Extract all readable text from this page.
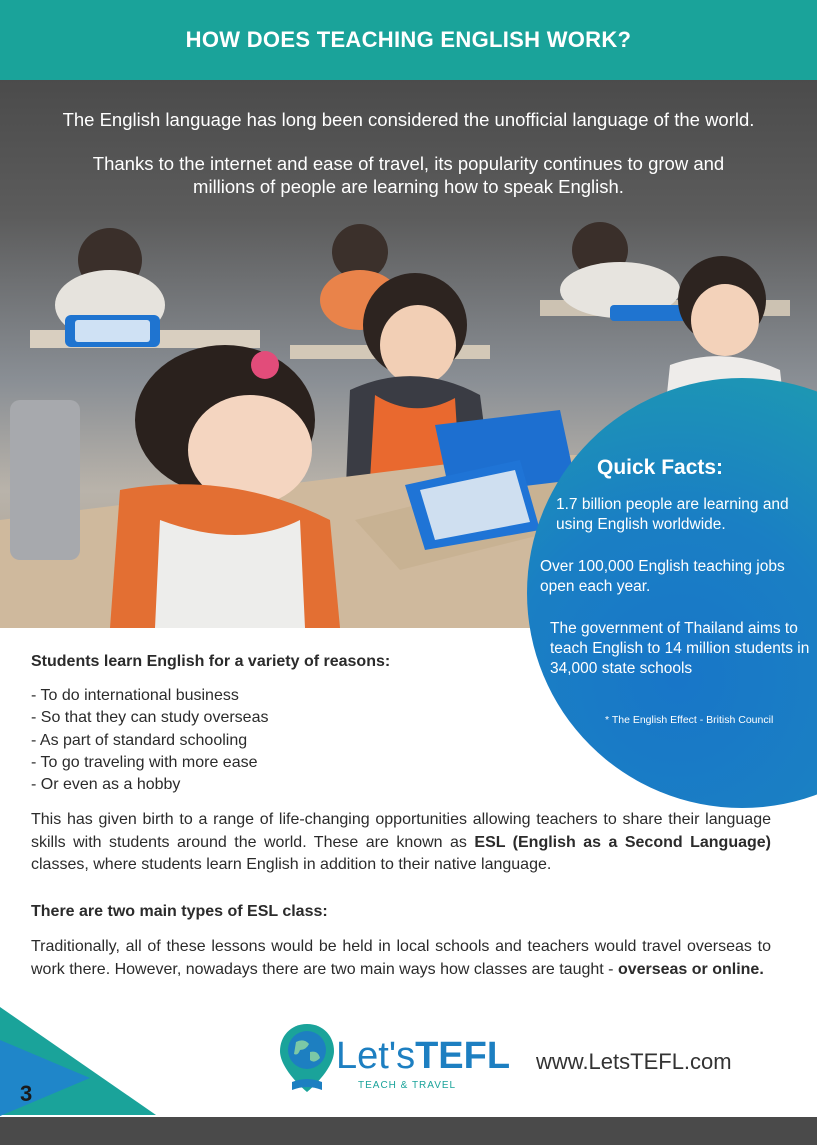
HOW DOES TEACHING ENGLISH WORK?

The English language has long been considered the unofficial language of the world.

Thanks to the internet and ease of travel, its popularity continues to grow and millions of people are learning how to speak English.

Quick Facts:

1.7 billion people are learning and using English worldwide.

Over 100,000 English teaching jobs open each year.

The government of Thailand aims to teach English to 14 million students in 34,000 state schools

* The English Effect - British Council

Students learn English for a variety of reasons:
- To do international business
- So that they can study overseas
- As part of standard schooling
- To go traveling with more ease
- Or even as a hobby

This has given birth to a range of life-changing opportunities allowing teachers to share their language skills with students around the world. These are known as ESL (English as a Second Language) classes, where students learn English in addition to their native language.

There are two main types of ESL class:

Traditionally, all of these lessons would be held in local schools and teachers would travel overseas to work there. However, nowadays there are two main ways how classes are taught - overseas or online.

3
Let'sTEFL
TEACH & TRAVEL
www.LetsTEFL.com
